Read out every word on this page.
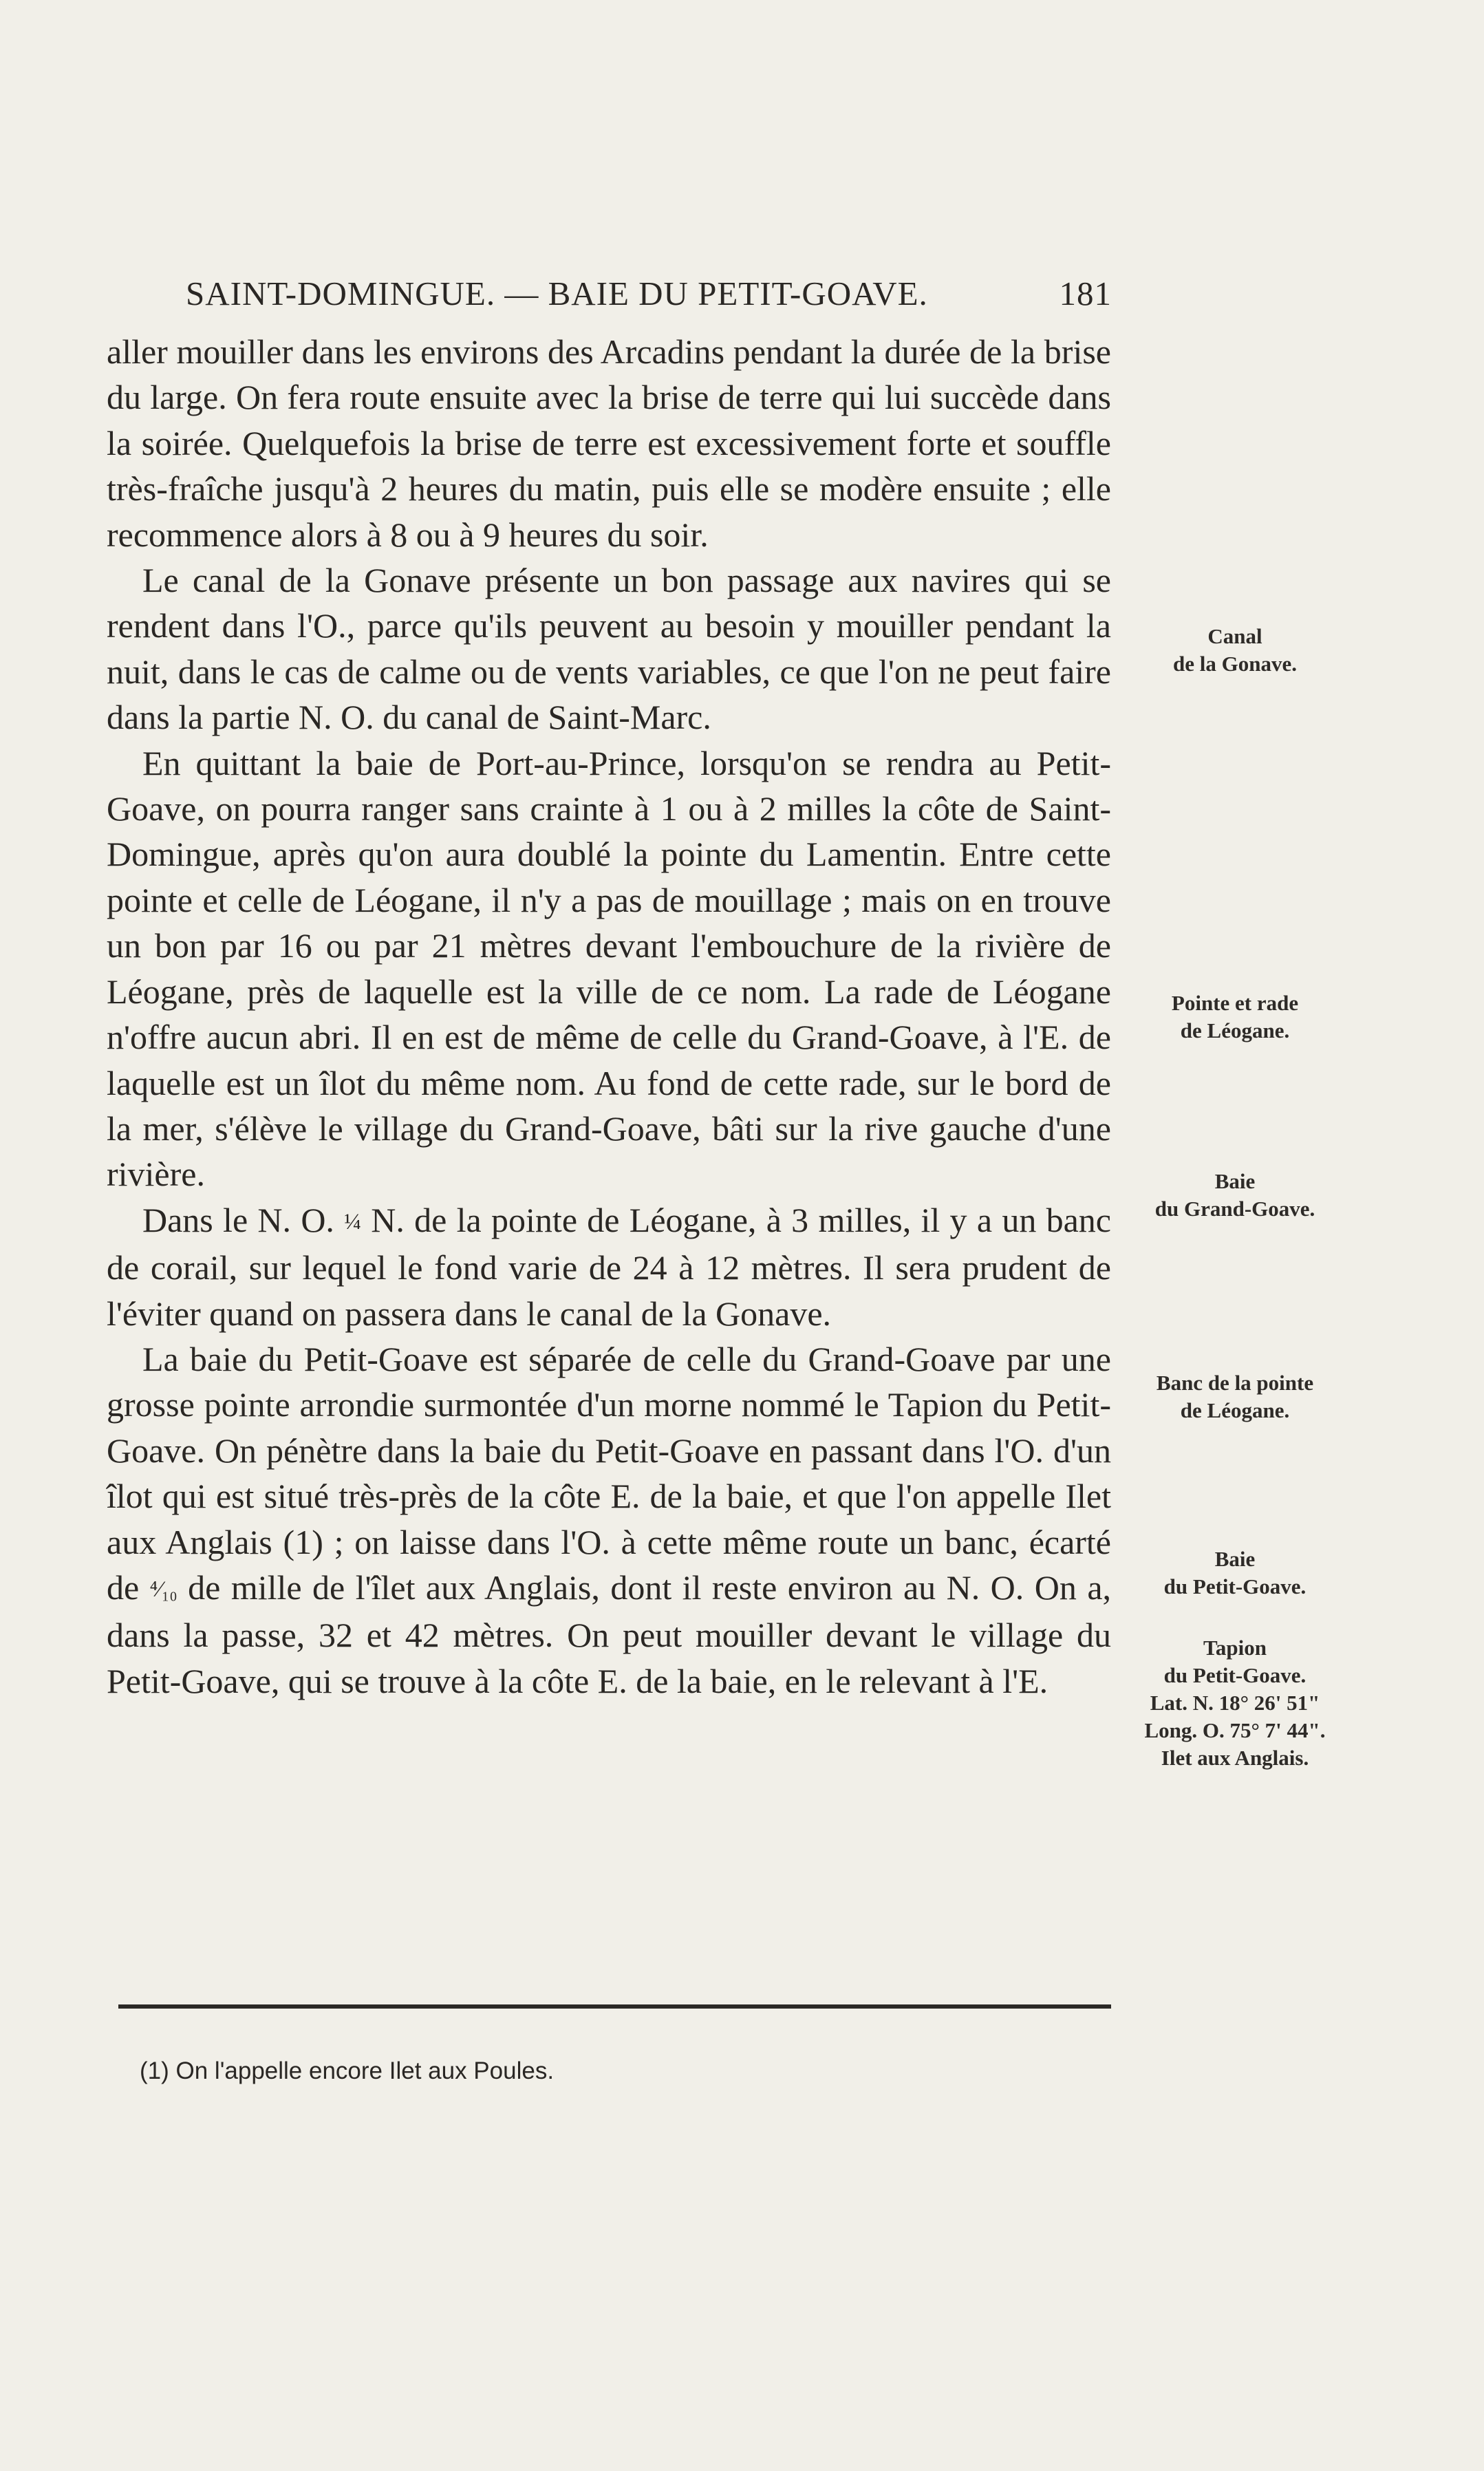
SAINT-DOMINGUE. — BAIE DU PETIT-GOAVE.	181

aller mouiller dans les environs des Arcadins pendant la durée de la brise du large. On fera route ensuite avec la brise de terre qui lui succède dans la soirée. Quelquefois la brise de terre est excessivement forte et souffle très-fraîche jusqu'à 2 heures du matin, puis elle se modère ensuite ; elle recommence alors à 8 ou à 9 heures du soir.

Le canal de la Gonave présente un bon passage aux navires qui se rendent dans l'O., parce qu'ils peuvent au besoin y mouiller pendant la nuit, dans le cas de calme ou de vents variables, ce que l'on ne peut faire dans la partie N. O. du canal de Saint-Marc.

En quittant la baie de Port-au-Prince, lorsqu'on se rendra au Petit-Goave, on pourra ranger sans crainte à 1 ou à 2 milles la côte de Saint-Domingue, après qu'on aura doublé la pointe du Lamentin. Entre cette pointe et celle de Léogane, il n'y a pas de mouillage ; mais on en trouve un bon par 16 ou par 21 mètres devant l'embouchure de la rivière de Léogane, près de laquelle est la ville de ce nom. La rade de Léogane n'offre aucun abri. Il en est de même de celle du Grand-Goave, à l'E. de laquelle est un îlot du même nom. Au fond de cette rade, sur le bord de la mer, s'élève le village du Grand-Goave, bâti sur la rive gauche d'une rivière.

Dans le N. O. ¼ N. de la pointe de Léogane, à 3 milles, il y a un banc de corail, sur lequel le fond varie de 24 à 12 mètres. Il sera prudent de l'éviter quand on passera dans le canal de la Gonave.

La baie du Petit-Goave est séparée de celle du Grand-Goave par une grosse pointe arrondie surmontée d'un morne nommé le Tapion du Petit-Goave. On pénètre dans la baie du Petit-Goave en passant dans l'O. d'un îlot qui est situé très-près de la côte E. de la baie, et que l'on appelle Ilet aux Anglais (1) ; on laisse dans l'O. à cette même route un banc, écarté de ⁴⁄₁₀ de mille de l'îlet aux Anglais, dont il reste environ au N. O. On a, dans la passe, 32 et 42 mètres. On peut mouiller devant le village du Petit-Goave, qui se trouve à la côte E. de la baie, en le relevant à l'E.

Canal
de la Gonave.
Pointe et rade
de Léogane.
Baie
du Grand-Goave.
Banc de la pointe
de Léogane.
Baie
du Petit-Goave.
Tapion
du Petit-Goave.
Lat. N. 18° 26' 51"
Long. O. 75° 7' 44".
Ilet aux Anglais.
(1) On l'appelle encore Ilet aux Poules.
